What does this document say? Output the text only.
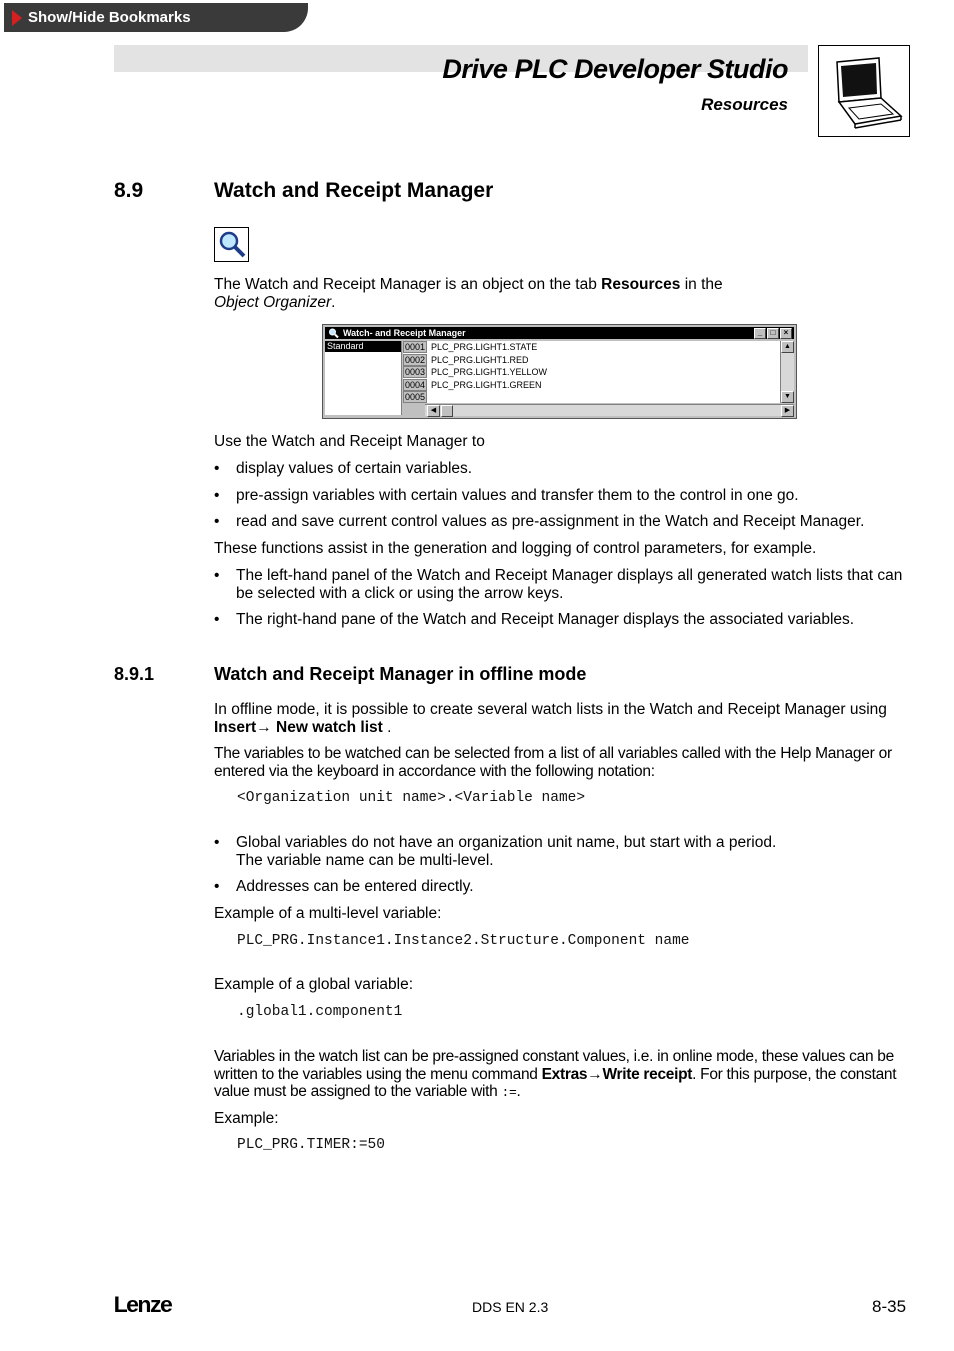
Show/Hide Bookmarks
Drive PLC Developer Studio
Resources
8.9	Watch and Receipt Manager
The Watch and Receipt Manager is an object on the tab Resources in the
Object Organizer.
Watch- and Receipt Manager	_	□	×
Standard	0001 PLC_PRG.LIGHT1.STATE
0002 PLC_PRG.LIGHT1.RED
0003 PLC_PRG.LIGHT1.YELLOW
0004 PLC_PRG.LIGHT1.GREEN
0005
▲
▼
◀	▶
Use the Watch and Receipt Manager to
• display values of certain variables.
• pre-assign variables with certain values and transfer them to the control in one go.
• read and save current control values as pre-assignment in the Watch and Receipt Manager.
These functions assist in the generation and logging of control parameters, for example.
• The left-hand panel of the Watch and Receipt Manager displays all generated watch lists that can be selected with a click or using the arrow keys.
• The right-hand pane of the Watch and Receipt Manager displays the associated variables.
8.9.1	Watch and Receipt Manager in offline mode
In offline mode, it is possible to create several watch lists in the Watch and Receipt Manager using
Insert→ New watch list .
The variables to be watched can be selected from a list of all variables called with the Help Manager or entered via the keyboard in accordance with the following notation:
<Organization unit name>.<Variable name>
• Global variables do not have an organization unit name, but start with a period.
The variable name can be multi-level.
• Addresses can be entered directly.
Example of a multi-level variable:
PLC_PRG.Instance1.Instance2.Structure.Component name
Example of a global variable:
.global1.component1
Variables in the watch list can be pre-assigned constant values, i.e. in online mode, these values can be written to the variables using the menu command Extras→Write receipt. For this purpose, the constant value must be assigned to the variable with :=.
Example:
PLC_PRG.TIMER:=50
Lenze	DDS EN 2.3	8-35
